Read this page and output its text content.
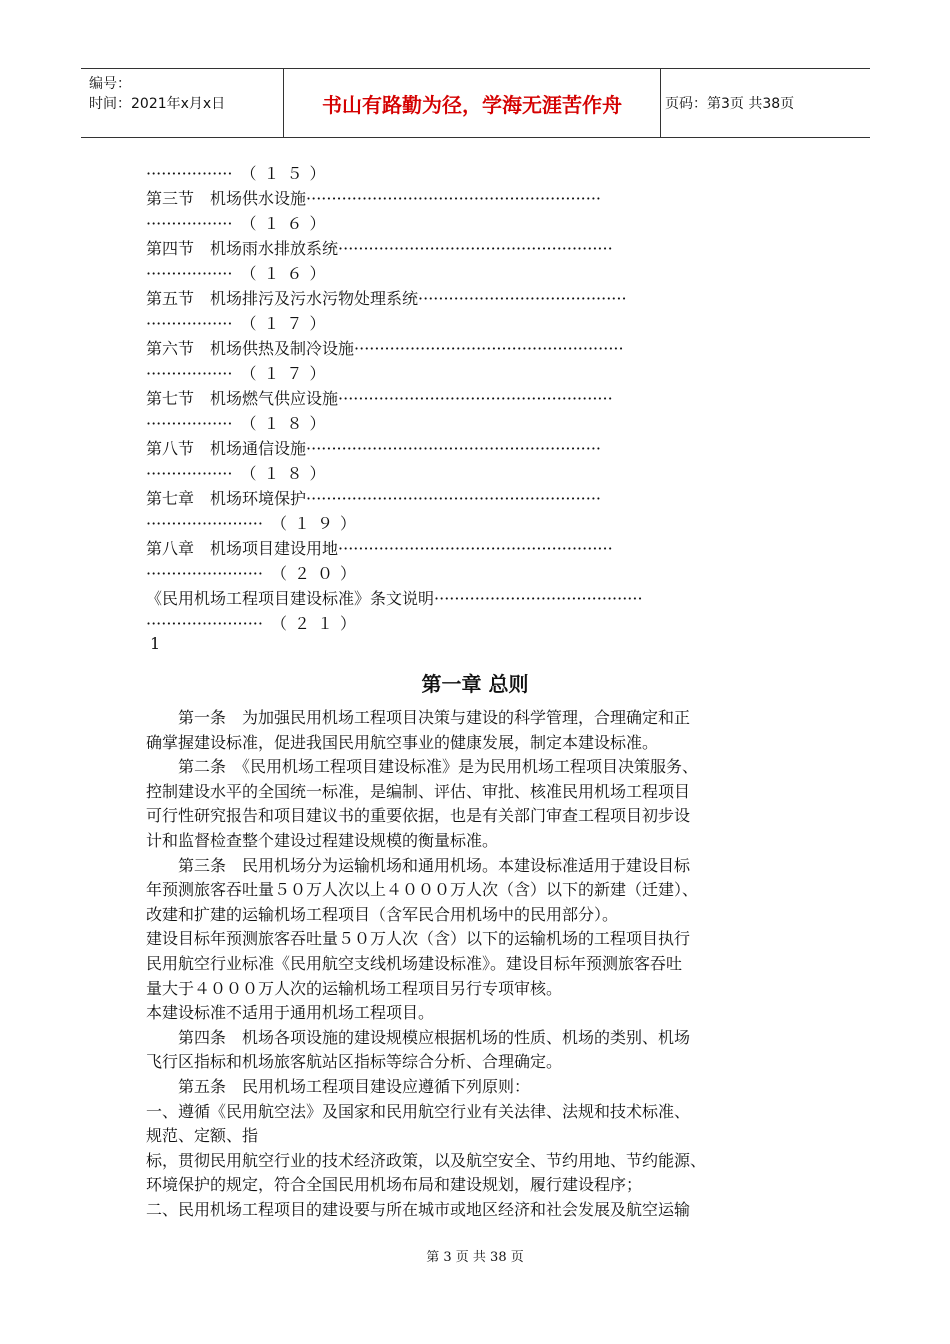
编号：
时间：2021年x月x日	书山有路勤为径，学海无涯苦作舟	页码：第3页 共38页
·················　 （１５）
第三节　机场供水设施··························································
·················　 （１６）
第四节　机场雨水排放系统······················································
·················　 （１６）
第五节　机场排污及污水污物处理系统·········································
·················　 （１７）
第六节　机场供热及制冷设施·····················································
·················　 （１７）
第七节　机场燃气供应设施······················································
·················　 （１８）
第八节　机场通信设施··························································
·················　 （１８）
第七章　机场环境保护··························································
·······················　 （１９）
第八章　机场项目建设用地······················································
·······················　 （２０）
《民用机场工程项目建设标准》条文说明·········································
·······················　 （２１）
1
第一章 总则
　　第一条　为加强民用机场工程项目决策与建设的科学管理，合理确定和正
确掌握建设标准，促进我国民用航空事业的健康发展，制定本建设标准。
　　第二条　《民用机场工程项目建设标准》是为民用机场工程项目决策服务、
控制建设水平的全国统一标准，是编制、评估、审批、核准民用机场工程项目
可行性研究报告和项目建议书的重要依据，也是有关部门审查工程项目初步设
计和监督检查整个建设过程建设规模的衡量标准。
　　第三条　民用机场分为运输机场和通用机场。本建设标准适用于建设目标
年预测旅客吞吐量５０万人次以上４０００万人次（含）以下的新建（迁建）、
改建和扩建的运输机场工程项目（含军民合用机场中的民用部分）。
建设目标年预测旅客吞吐量５０万人次（含）以下的运输机场的工程项目执行
民用航空行业标准《民用航空支线机场建设标准》。建设目标年预测旅客吞吐
量大于４０００万人次的运输机场工程项目另行专项审核。
本建设标准不适用于通用机场工程项目。
　　第四条　机场各项设施的建设规模应根据机场的性质、机场的类别、机场
飞行区指标和机场旅客航站区指标等综合分析、合理确定。
　　第五条　民用机场工程项目建设应遵循下列原则：
一、遵循《民用航空法》及国家和民用航空行业有关法律、法规和技术标准、
规范、定额、指
标，贯彻民用航空行业的技术经济政策，以及航空安全、节约用地、节约能源、
环境保护的规定，符合全国民用机场布局和建设规划，履行建设程序；
二、民用机场工程项目的建设要与所在城市或地区经济和社会发展及航空运输
第 3 页 共 38 页
